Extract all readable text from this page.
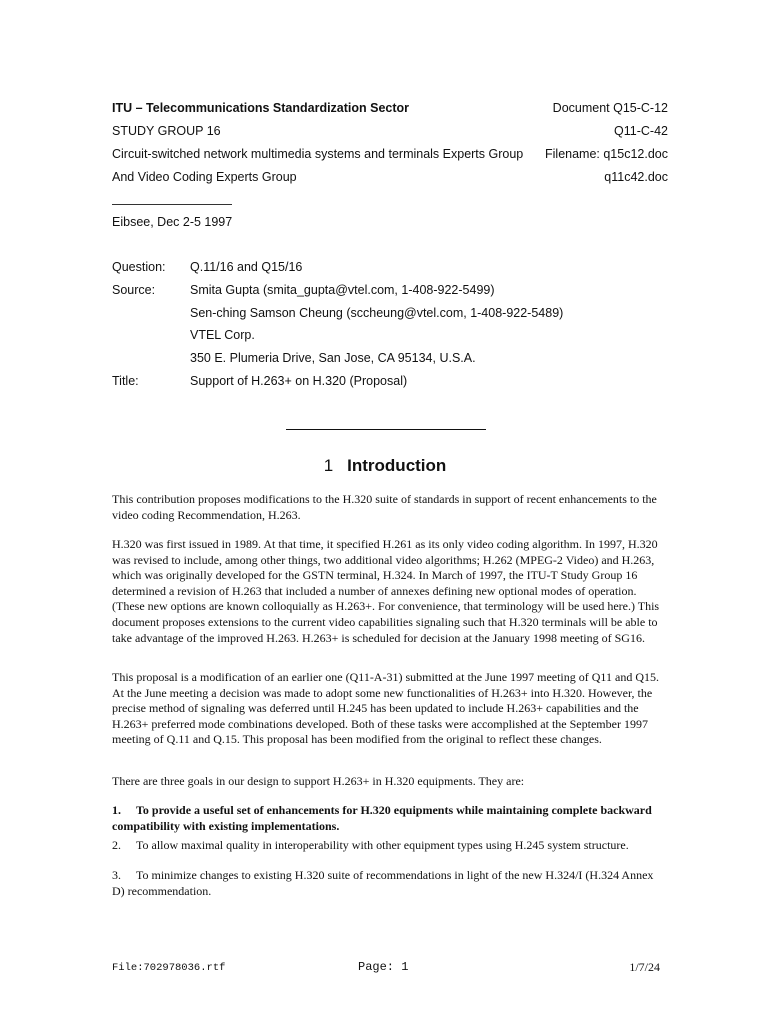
ITU – Telecommunications Standardization Sector	Document Q15-C-12
STUDY GROUP 16	Q11-C-42
Circuit-switched network multimedia systems and terminals Experts Group Filename: q15c12.doc
And Video Coding Experts Group	q11c42.doc
Eibsee, Dec 2-5 1997
Question: Q.11/16 and Q15/16
Source:	Smita Gupta (smita_gupta@vtel.com, 1-408-922-5499)
Sen-ching Samson Cheung (sccheung@vtel.com, 1-408-922-5489)
VTEL Corp.
350 E. Plumeria Drive, San Jose, CA 95134, U.S.A.
Title:	Support of H.263+ on H.320 (Proposal)
1 Introduction

This contribution proposes modifications to the H.320 suite of standards in support of recent enhancements to the video coding Recommendation, H.263.

H.320 was first issued in 1989. At that time, it specified H.261 as its only video coding algorithm. In 1997, H.320 was revised to include, among other things, two additional video algorithms; H.262 (MPEG-2 Video) and H.263, which was originally developed for the GSTN terminal, H.324. In March of 1997, the ITU-T Study Group 16 determined a revision of H.263 that included a number of annexes defining new optional modes of operation. (These new options are known colloquially as H.263+. For convenience, that terminology will be used here.) This document proposes extensions to the current video capabilities signaling such that H.320 terminals will be able to take advantage of the improved H.263. H.263+ is scheduled for decision at the January 1998 meeting of SG16.

This proposal is a modification of an earlier one (Q11-A-31) submitted at the June 1997 meeting of Q11 and Q15. At the June meeting a decision was made to adopt some new functionalities of H.263+ into H.320. However, the precise method of signaling was deferred until H.245 has been updated to include H.263+ capabilities and the H.263+ preferred mode combinations developed. Both of these tasks were accomplished at the September 1997 meeting of Q.11 and Q.15. This proposal has been modified from the original to reflect these changes.

There are three goals in our design to support H.263+ in H.320 equipments. They are:

1. To provide a useful set of enhancements for H.320 equipments while maintaining complete backward compatibility with existing implementations.
2. To allow maximal quality in interoperability with other equipment types using H.245 system structure.
3. To minimize changes to existing H.320 suite of recommendations in light of the new H.324/I (H.324 Annex D) recommendation.
File:702978036.rtf	Page: 1	1/7/24
